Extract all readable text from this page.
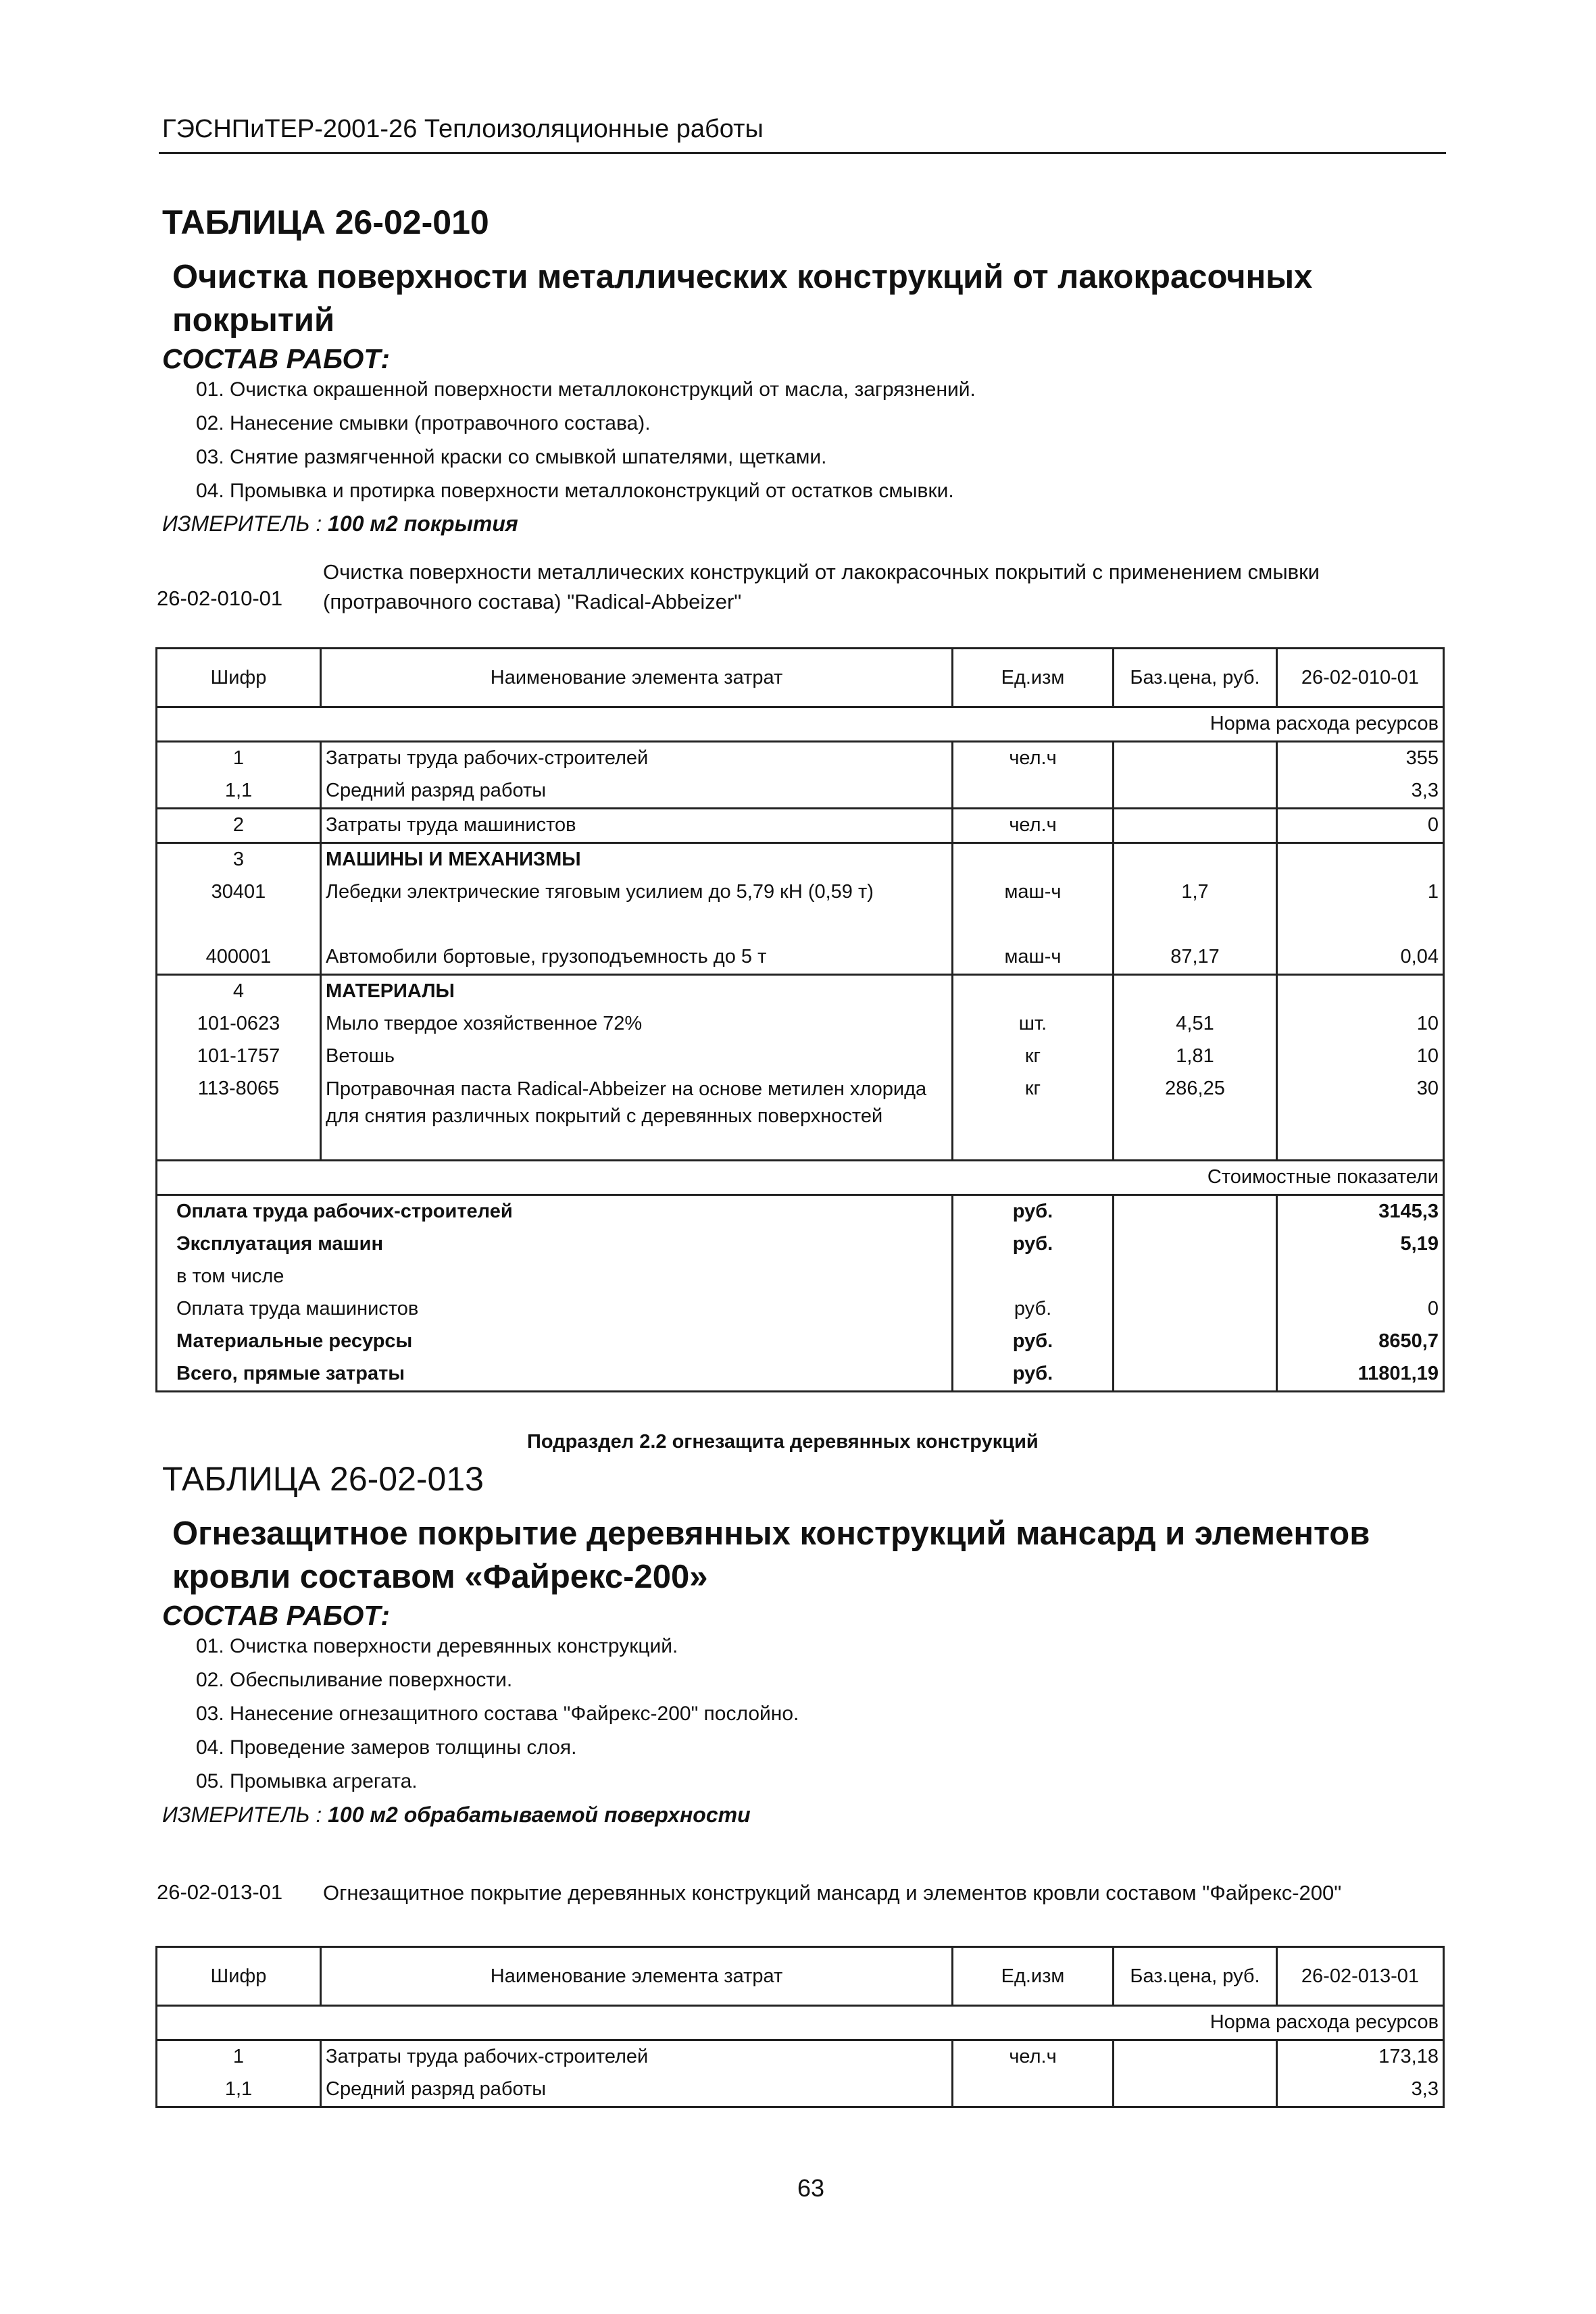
ГЭСНПиТЕР-2001-26 Теплоизоляционные работы
ТАБЛИЦА 26-02-010
Очистка поверхности металлических конструкций от лакокрасочных покрытий
СОСТАВ РАБОТ:
01. Очистка окрашенной поверхности металлоконструкций от масла, загрязнений.
02. Нанесение смывки (протравочного состава).
03. Снятие размягченной краски со смывкой шпателями, щетками.
04. Промывка и протирка поверхности металлоконструкций от остатков смывки.
ИЗМЕРИТЕЛЬ : 100 м2 покрытия
26-02-010-01
Очистка поверхности металлических конструкций от лакокрасочных покрытий с применением смывки (протравочного состава) "Radical-Abbeizer"
Шифр	Наименование элемента затрат	Ед.изм	Баз.цена, руб.	26-02-010-01
Норма расхода ресурсов				
1	Затраты труда рабочих-строителей	чел.ч		355
1,1	Средний разряд работы			3,3
2	Затраты труда машинистов	чел.ч		0
3	МАШИНЫ И МЕХАНИЗМЫ			
30401	Лебедки электрические тяговым усилием до 5,79 кН (0,59 т)	маш-ч	1,7	1
400001	Автомобили бортовые, грузоподъемность до 5 т	маш-ч	87,17	0,04
4	МАТЕРИАЛЫ			
101-0623	Мыло твердое хозяйственное 72%	шт.	4,51	10
101-1757	Ветошь	кг	1,81	10
113-8065	Протравочная паста Radical-Abbeizer на основе метилен хлорида для снятия различных покрытий с деревянных поверхностей	кг	286,25	30
Стоимостные показатели				
Оплата труда рабочих-строителей		руб.		3145,3
Эксплуатация машин		руб.		5,19
в том числе				
Оплата труда машинистов		руб.		0
Материальные ресурсы		руб.		8650,7
Всего, прямые затраты		руб.		11801,19
Подраздел 2.2 огнезащита деревянных конструкций
ТАБЛИЦА 26-02-013
Огнезащитное покрытие деревянных конструкций мансард и элементов кровли составом «Файрекс-200»
СОСТАВ РАБОТ:
01. Очистка поверхности деревянных конструкций.
02. Обеспыливание поверхности.
03. Нанесение огнезащитного состава "Файрекс-200" послойно.
04. Проведение замеров толщины слоя.
05. Промывка агрегата.
ИЗМЕРИТЕЛЬ : 100 м2 обрабатываемой поверхности
26-02-013-01 Огнезащитное покрытие деревянных конструкций мансард и элементов кровли составом "Файрекс-200"
Шифр	Наименование элемента затрат	Ед.изм	Баз.цена, руб.	26-02-013-01
Норма расхода ресурсов				
1	Затраты труда рабочих-строителей	чел.ч		173,18
1,1	Средний разряд работы			3,3
63
